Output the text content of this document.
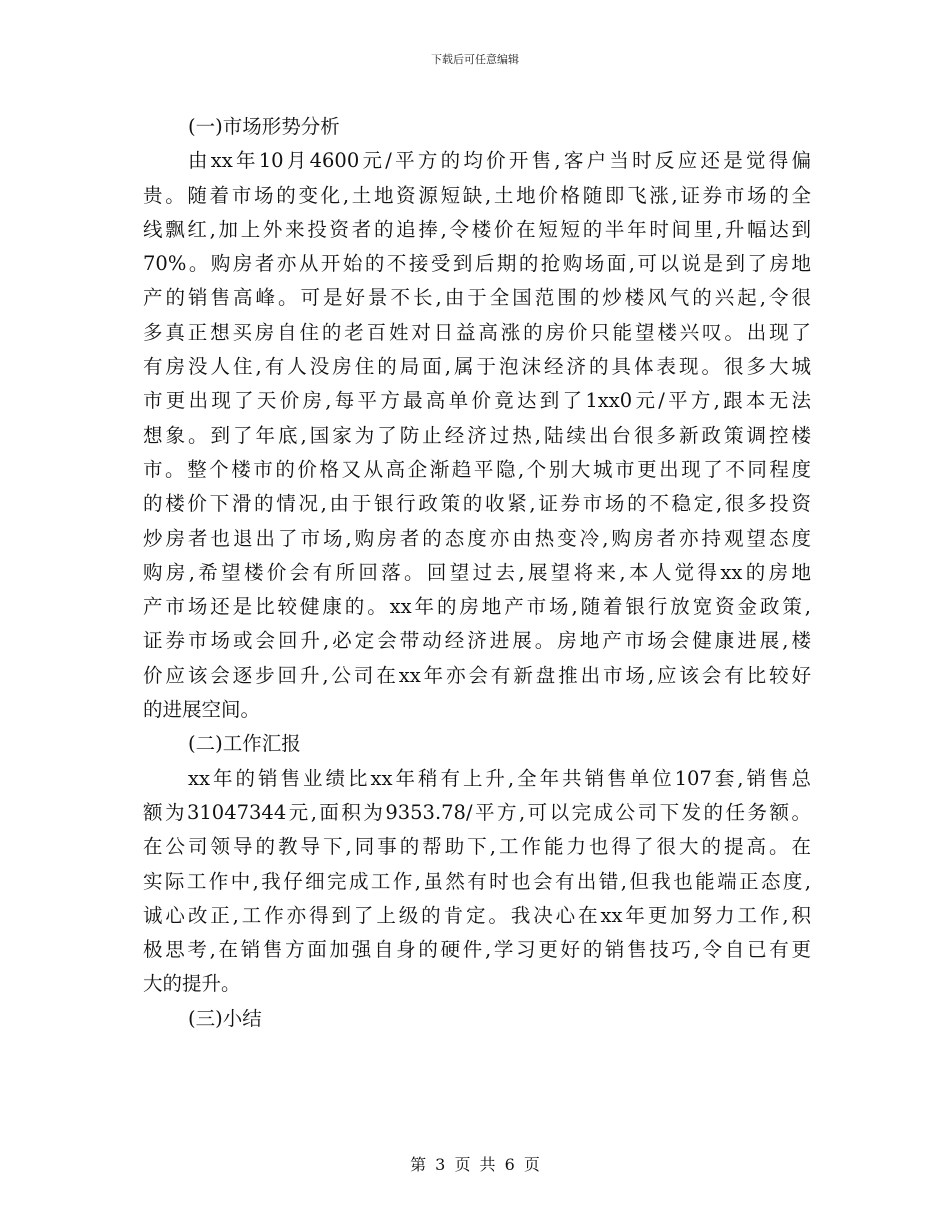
下载后可任意编辑

(一)市场形势分析

由xx年10月4600元/平方的均价开售,客户当时反应还是觉得偏
贵。随着市场的变化,土地资源短缺,土地价格随即飞涨,证券市场的全
线飘红,加上外来投资者的追捧,令楼价在短短的半年时间里,升幅达到
70%。购房者亦从开始的不接受到后期的抢购场面,可以说是到了房地
产的销售高峰。可是好景不长,由于全国范围的炒楼风气的兴起,令很
多真正想买房自住的老百姓对日益高涨的房价只能望楼兴叹。出现了
有房没人住,有人没房住的局面,属于泡沫经济的具体表现。很多大城
市更出现了天价房,每平方最高单价竟达到了1xx0元/平方,跟本无法
想象。到了年底,国家为了防止经济过热,陆续出台很多新政策调控楼
市。整个楼市的价格又从高企渐趋平隐,个别大城市更出现了不同程度
的楼价下滑的情况,由于银行政策的收紧,证券市场的不稳定,很多投资
炒房者也退出了市场,购房者的态度亦由热变冷,购房者亦持观望态度
购房,希望楼价会有所回落。回望过去,展望将来,本人觉得xx的房地
产市场还是比较健康的。xx年的房地产市场,随着银行放宽资金政策,
证券市场或会回升,必定会带动经济进展。房地产市场会健康进展,楼
价应该会逐步回升,公司在xx年亦会有新盘推出市场,应该会有比较好
的进展空间。

(二)工作汇报

xx年的销售业绩比xx年稍有上升,全年共销售单位107套,销售总
额为31047344元,面积为9353.78/平方,可以完成公司下发的任务额。
在公司领导的教导下,同事的帮助下,工作能力也得了很大的提高。在
实际工作中,我仔细完成工作,虽然有时也会有出错,但我也能端正态度,
诚心改正,工作亦得到了上级的肯定。我决心在xx年更加努力工作,积
极思考,在销售方面加强自身的硬件,学习更好的销售技巧,令自已有更
大的提升。

(三)小结

第 3 页 共 6 页
